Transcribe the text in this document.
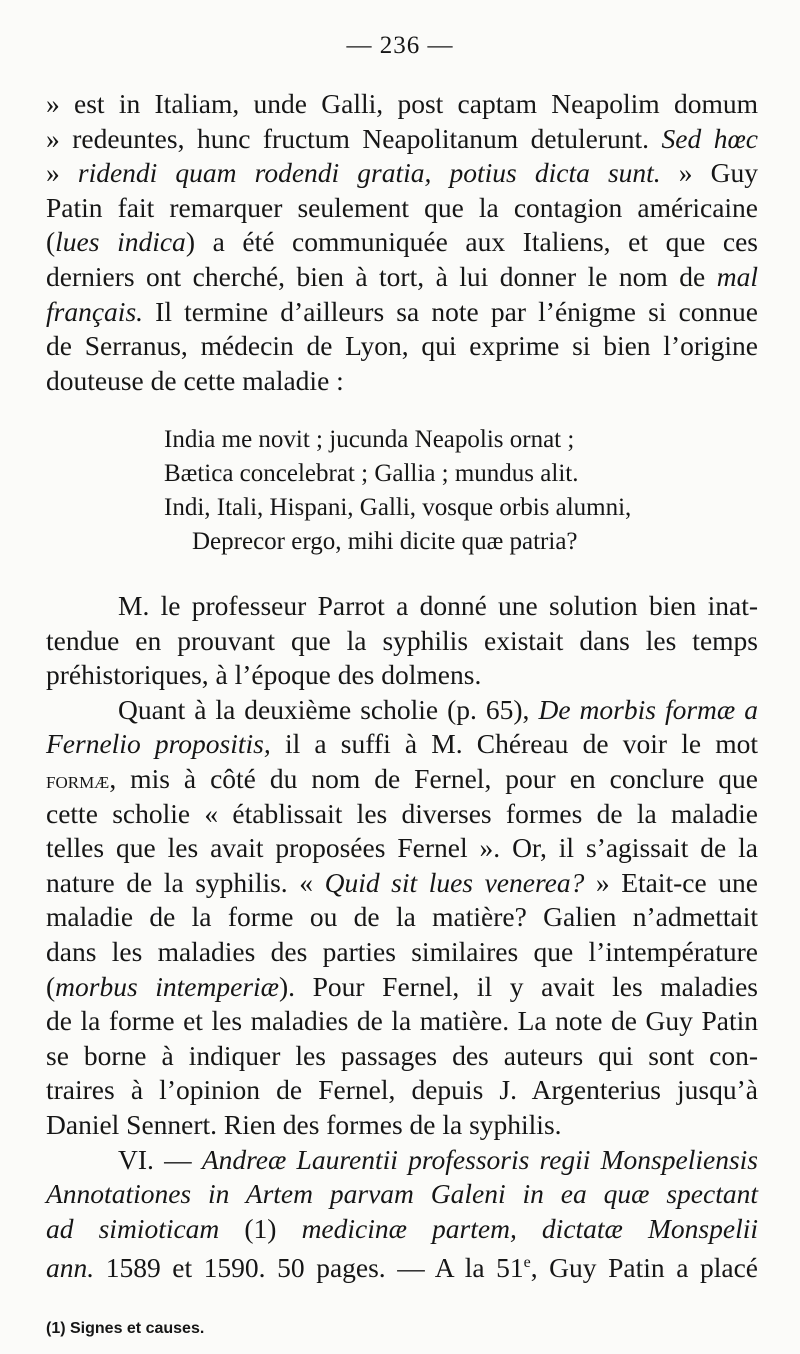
— 236 —
» est in Italiam, unde Galli, post captam Neapolim domum
» redeuntes, hunc fructum Neapolitanum detulerunt. Sed hœc
» ridendi quam rodendi gratia, potius dicta sunt. » Guy
Patin fait remarquer seulement que la contagion américaine
(lues indica) a été communiquée aux Italiens, et que ces
derniers ont cherché, bien à tort, à lui donner le nom de mal
français. Il termine d’ailleurs sa note par l’énigme si connue
de Serranus, médecin de Lyon, qui exprime si bien l’origine
douteuse de cette maladie :
India me novit ; jucunda Neapolis ornat ;
Bætica concelebrat ; Gallia ; mundus alit.
Indi, Itali, Hispani, Galli, vosque orbis alumni,
Deprecor ergo, mihi dicite quæ patria?
M. le professeur Parrot a donné une solution bien inat-
tendue en prouvant que la syphilis existait dans les temps
préhistoriques, à l’époque des dolmens.
Quant à la deuxième scholie (p. 65), De morbis formæ a
Fernelio propositis, il a suffi à M. Chéreau de voir le mot
formæ, mis à côté du nom de Fernel, pour en conclure que
cette scholie « établissait les diverses formes de la maladie
telles que les avait proposées Fernel ». Or, il s’agissait de la
nature de la syphilis. « Quid sit lues venerea? » Etait-ce une
maladie de la forme ou de la matière? Galien n’admettait
dans les maladies des parties similaires que l’intempérature
(morbus intemperiæ). Pour Fernel, il y avait les maladies
de la forme et les maladies de la matière. La note de Guy Patin
se borne à indiquer les passages des auteurs qui sont con-
traires à l’opinion de Fernel, depuis J. Argenterius jusqu’à
Daniel Sennert. Rien des formes de la syphilis.
VI. — Andreæ Laurentii professoris regii Monspeliensis
Annotationes in Artem parvam Galeni in ea quæ spectant
ad simioticam (1) medicinæ partem, dictatæ Monspelii
ann. 1589 et 1590. 50 pages. — A la 51e, Guy Patin a placé
(1) Signes et causes.
